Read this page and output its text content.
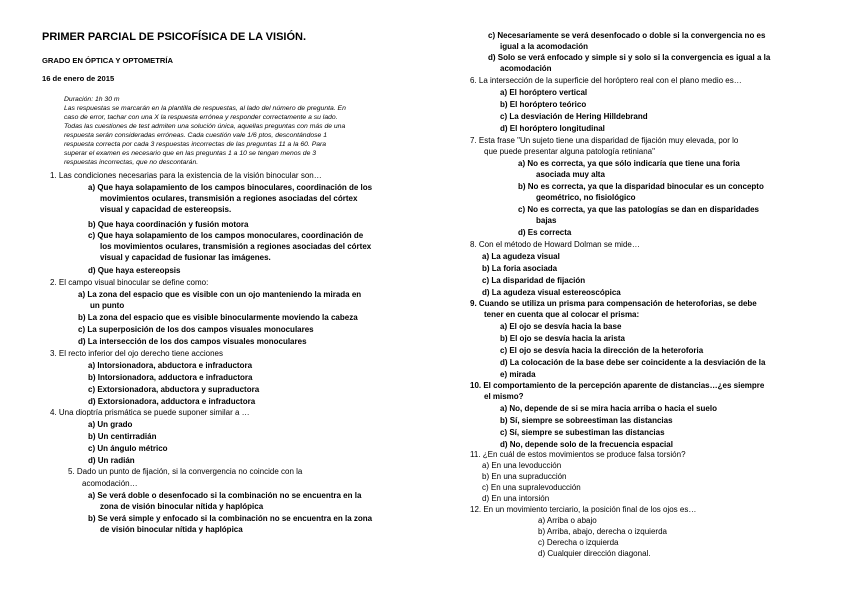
PRIMER PARCIAL DE PSICOFÍSICA DE LA VISIÓN.
GRADO EN ÓPTICA Y OPTOMETRÍA
16 de enero de 2015
Duración: 1h 30 m
Las respuestas se marcarán en la plantilla de respuestas, al lado del número de pregunta. En
caso de error, tachar con una X la respuesta errónea y responder correctamente a su lado.
Todas las cuestiones de test admiten una solución única, aquellas preguntas con más de una
respuesta serán consideradas erróneas. Cada cuestión vale 1/6 ptos, descontándose 1
respuesta correcta por cada 3 respuestas incorrectas de las preguntas 11 a la 60. Para
superar el examen es necesario que en las preguntas 1 a 10 se tengan menos de 3
respuestas incorrectas, que no descontarán.
1. Las condiciones necesarias para la existencia de la visión binocular son…
a) Que haya solapamiento de los campos binoculares, coordinación de los
movimientos oculares, transmisión a regiones asociadas del córtex
visual y capacidad de estereopsis.
b) Que haya coordinación y fusión motora
c) Que haya solapamiento de los campos monoculares, coordinación de
los movimientos oculares, transmisión a regiones asociadas del córtex
visual y capacidad de fusionar las imágenes.
d) Que haya estereopsis
2. El campo visual binocular se define como:
a) La zona del espacio que es visible con un ojo manteniendo la mirada en
un punto
b) La zona del espacio que es visible binocularmente moviendo la cabeza
c) La superposición de los dos campos visuales monoculares
d) La intersección de los dos campos visuales monoculares
3. El recto inferior del ojo derecho tiene acciones
a) Intorsionadora, abductora e infraductora
b) Intorsionadora, adductora e infraductora
c) Extorsionadora, abductora y supraductora
d) Extorsionadora, adductora e infraductora
4. Una dioptría prismática se puede suponer similar a …
a) Un grado
b) Un centirradián
c) Un ángulo métrico
d) Un radián
5. Dado un punto de fijación, si la convergencia no coincide con la
acomodación…
a) Se verá doble o desenfocado si la combinación no se encuentra en la
zona de visión binocular nítida y haplópica
b) Se verá simple y enfocado si la combinación no se encuentra en la zona
de visión binocular nítida y haplópica
c) Necesariamente se verá desenfocado o doble si la convergencia no es
igual a la acomodación
d) Solo se verá enfocado y simple si y solo si la convergencia es igual a la
acomodación
6. La intersección de la superficie del horóptero real con el plano medio es…
a) El horóptero vertical
b) El horóptero teórico
c) La desviación de Hering Hilldebrand
d) El horóptero longitudinal
7. Esta frase "Un sujeto tiene una disparidad de fijación muy elevada, por lo
que puede presentar alguna patología retiniana"
a) No es correcta, ya que sólo indicaría que tiene una foria
asociada muy alta
b) No es correcta, ya que la disparidad binocular es un concepto
geométrico, no fisiológico
c) No es correcta, ya que las patologías se dan en disparidades
bajas
d) Es correcta
8. Con el método de Howard Dolman se mide…
a) La agudeza visual
b) La foria asociada
c) La disparidad de fijación
d) La agudeza visual estereoscópica
9. Cuando se utiliza un prisma para compensación de heteroforias, se debe
tener en cuenta que al colocar el prisma:
a) El ojo se desvía hacia la base
b) El ojo se desvía hacia la arista
c) El ojo se desvía hacia la dirección de la heteroforia
d) La colocación de la base debe ser coincidente a la desviación de la
e) mirada
10. El comportamiento de la percepción aparente de distancias…¿es siempre
el mismo?
a) No, depende de si se mira hacia arriba o hacia el suelo
b) Sí, siempre se sobreestiman las distancias
c) Sí, siempre se subestiman las distancias
d) No, depende solo de la frecuencia espacial
11. ¿En cuál de estos movimientos se produce falsa torsión?
a) En una levoducción
b) En una supraducción
c) En una supralevoducción
d) En una intorsión
12. En un movimiento terciario, la posición final de los ojos es…
a) Arriba o abajo
b) Arriba, abajo, derecha o izquierda
c) Derecha o izquierda
d) Cualquier dirección diagonal.
